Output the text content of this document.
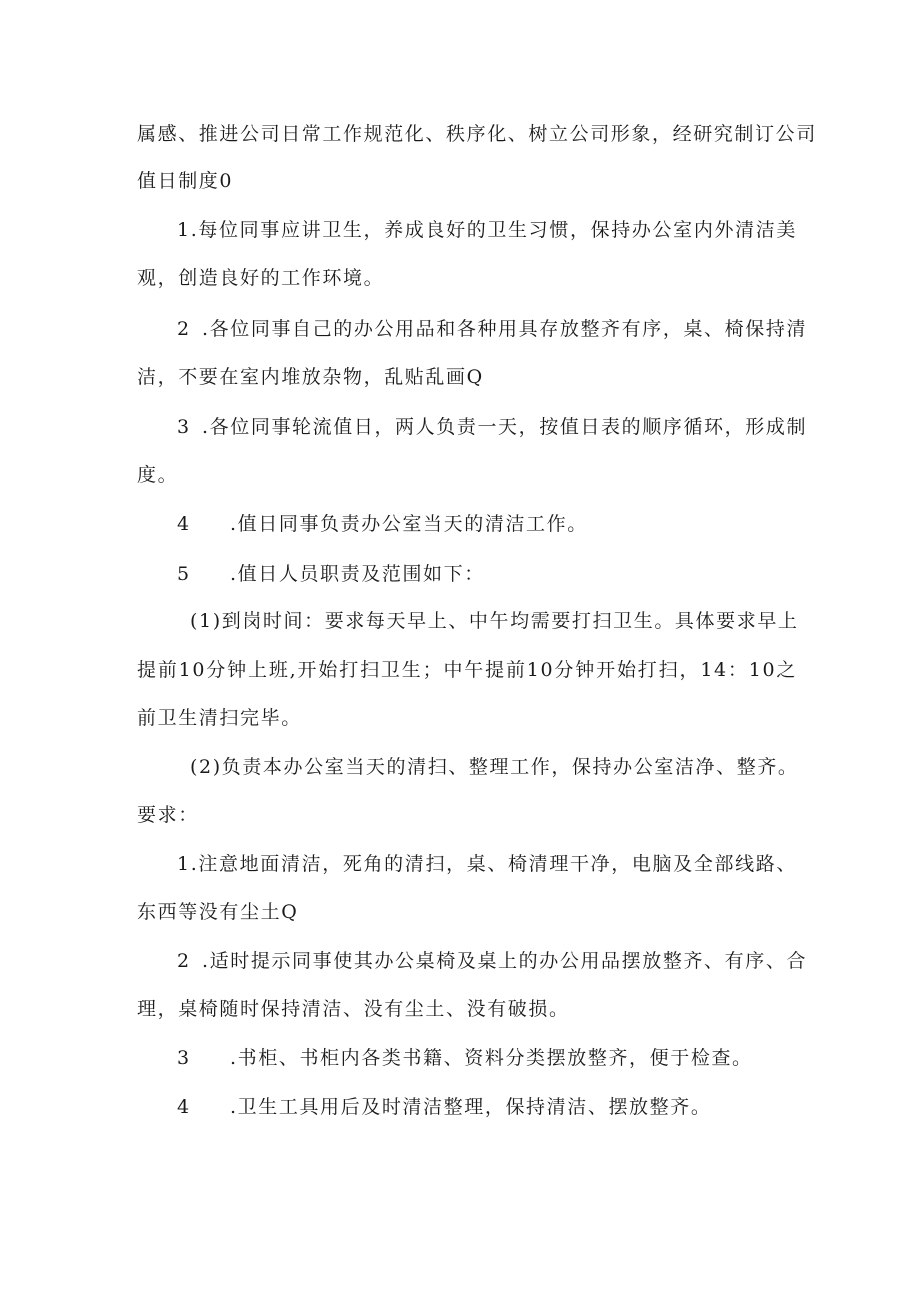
属感、推进公司日常工作规范化、秩序化、树立公司形象，经研究制订公司
值日制度0
1.每位同事应讲卫生，养成良好的卫生习惯，保持办公室内外清洁美
观，创造良好的工作环境。
2 .各位同事自己的办公用品和各种用具存放整齐有序，桌、椅保持清
洁，不要在室内堆放杂物，乱贴乱画Q
3 .各位同事轮流值日，两人负责一天，按值日表的顺序循环，形成制
度。
4 .值日同事负责办公室当天的清洁工作。
5 .值日人员职责及范围如下：
(1)到岗时间：要求每天早上、中午均需要打扫卫生。具体要求早上
提前10分钟上班,开始打扫卫生；中午提前10分钟开始打扫，14：10之
前卫生清扫完毕。
(2)负责本办公室当天的清扫、整理工作，保持办公室洁净、整齐。
要求：
1.注意地面清洁，死角的清扫，桌、椅清理干净，电脑及全部线路、
东西等没有尘土Q
2 .适时提示同事使其办公桌椅及桌上的办公用品摆放整齐、有序、合
理，桌椅随时保持清洁、没有尘土、没有破损。
3 .书柜、书柜内各类书籍、资料分类摆放整齐，便于检查。
4 .卫生工具用后及时清洁整理，保持清洁、摆放整齐。
